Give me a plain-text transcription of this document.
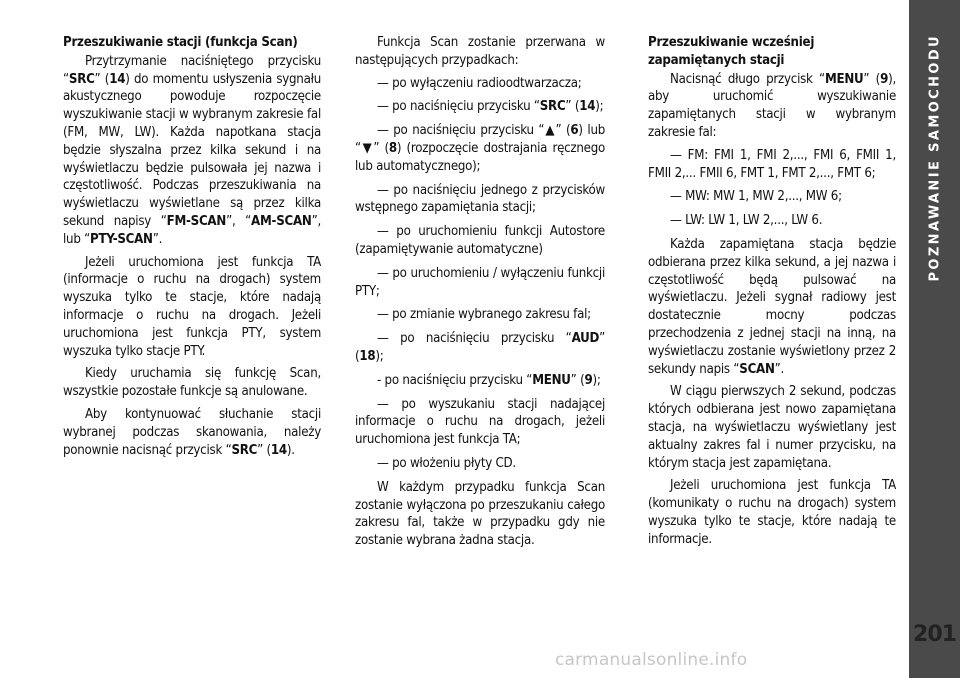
Przeszukiwanie stacji (funkcja Scan)

Przytrzymanie naciśniętego przycisku “SRC” (14) do momentu usłyszenia sygnału akustycznego powoduje rozpoczęcie wyszukiwanie stacji w wybranym zakresie fal (FM, MW, LW). Każda napotkana stacja będzie słyszalna przez kilka sekund i na wyświetlaczu będzie pulsowała jej nazwa i częstotliwość. Podczas przeszukiwania na wyświetlaczu wyświetlane są przez kilka sekund napisy “FM-SCAN”, “AM-SCAN”, lub “PTY-SCAN”.

Jeżeli uruchomiona jest funkcja TA (informacje o ruchu na drogach) system wyszuka tylko te stacje, które nadają informacje o ruchu na drogach. Jeżeli uruchomiona jest funkcja PTY, system wyszuka tylko stacje PTY.

Kiedy uruchamia się funkcję Scan, wszystkie pozostałe funkcje są anulowane.

Aby kontynuować słuchanie stacji wybranej podczas skanowania, należy ponownie nacisnąć przycisk “SRC” (14).

Funkcja Scan zostanie przerwana w następujących przypadkach:

— po wyłączeniu radioodtwarzacza;

— po naciśnięciu przycisku “SRC” (14);

— po naciśnięciu przycisku “▲” (6) lub “▼” (8) (rozpoczęcie dostrajania ręcznego lub automatycznego);

— po naciśnięciu jednego z przycisków wstępnego zapamiętania stacji;

— po uruchomieniu funkcji Autostore (zapamiętywanie automatyczne)

— po uruchomieniu / wyłączeniu funkcji PTY;

— po zmianie wybranego zakresu fal;

— po naciśnięciu przycisku “AUD” (18);

- po naciśnięciu przycisku “MENU” (9);

— po wyszukaniu stacji nadającej informacje o ruchu na drogach, jeżeli uruchomiona jest funkcja TA;

— po włożeniu płyty CD.

W każdym przypadku funkcja Scan zostanie wyłączona po przeszukaniu całego zakresu fal, także w przypadku gdy nie zostanie wybrana żadna stacja.

Przeszukiwanie wcześniej zapamiętanych stacji

Nacisnąć długo przycisk “MENU” (9), aby uruchomić wyszukiwanie zapamiętanych stacji w wybranym zakresie fal:

— FM: FMI 1, FMI 2,..., FMI 6, FMII 1, FMII 2,... FMII 6, FMT 1, FMT 2,..., FMT 6;

— MW: MW 1, MW 2,..., MW 6;

— LW: LW 1, LW 2,..., LW 6.

Każda zapamiętana stacja będzie odbierana przez kilka sekund, a jej nazwa i częstotliwość będą pulsować na wyświetlaczu. Jeżeli sygnał radiowy jest dostatecznie mocny podczas przechodzenia z jednej stacji na inną, na wyświetlaczu zostanie wyświetlony przez 2 sekundy napis “SCAN”.

W ciągu pierwszych 2 sekund, podczas których odbierana jest nowo zapamiętana stacja, na wyświetlaczu wyświetlany jest aktualny zakres fal i numer przycisku, na którym stacja jest zapamiętana.

Jeżeli uruchomiona jest funkcja TA (komunikaty o ruchu na drogach) system wyszuka tylko te stacje, które nadają te informacje.

POZNAWANIE SAMOCHODU
201
carmanualsonline.info
